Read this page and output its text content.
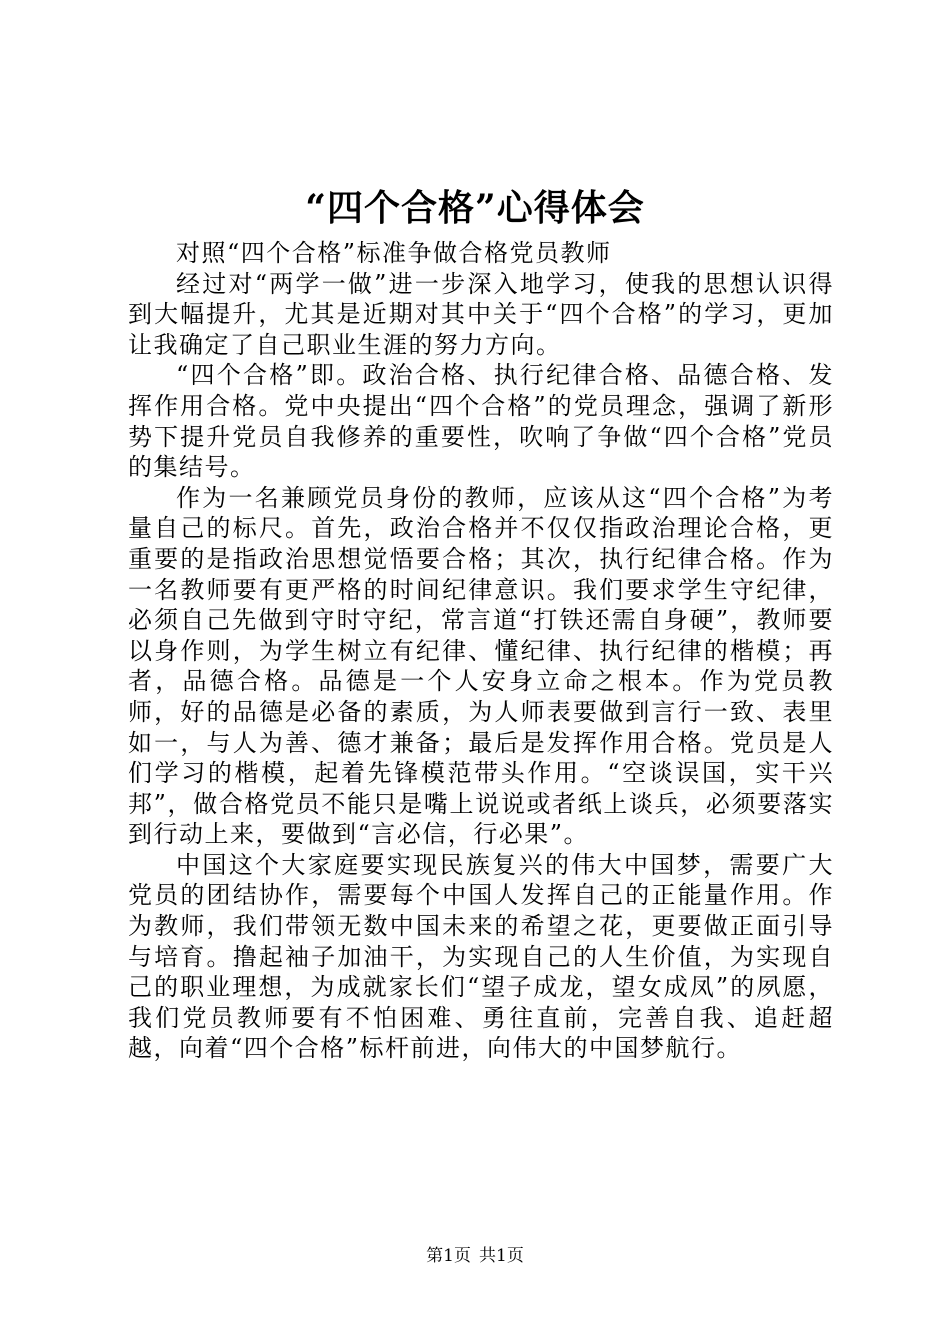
“四个合格”心得体会

对照“四个合格”标准争做合格党员教师

经过对“两学一做”进一步深入地学习，使我的思想认识得到大幅提升，尤其是近期对其中关于“四个合格”的学习，更加让我确定了自己职业生涯的努力方向。

“四个合格”即。政治合格、执行纪律合格、品德合格、发挥作用合格。党中央提出“四个合格”的党员理念，强调了新形势下提升党员自我修养的重要性，吹响了争做“四个合格”党员的集结号。

作为一名兼顾党员身份的教师，应该从这“四个合格”为考量自己的标尺。首先，政治合格并不仅仅指政治理论合格，更重要的是指政治思想觉悟要合格；其次，执行纪律合格。作为一名教师要有更严格的时间纪律意识。我们要求学生守纪律，必须自己先做到守时守纪，常言道“打铁还需自身硬”，教师要以身作则，为学生树立有纪律、懂纪律、执行纪律的楷模；再者，品德合格。品德是一个人安身立命之根本。作为党员教师，好的品德是必备的素质，为人师表要做到言行一致、表里如一，与人为善、德才兼备；最后是发挥作用合格。党员是人们学习的楷模，起着先锋模范带头作用。“空谈误国，实干兴邦”，做合格党员不能只是嘴上说说或者纸上谈兵，必须要落实到行动上来，要做到“言必信，行必果”。

中国这个大家庭要实现民族复兴的伟大中国梦，需要广大党员的团结协作，需要每个中国人发挥自己的正能量作用。作为教师，我们带领无数中国未来的希望之花，更要做正面引导与培育。撸起袖子加油干，为实现自己的人生价值，为实现自己的职业理想，为成就家长们“望子成龙，望女成凤”的夙愿，我们党员教师要有不怕困难、勇往直前，完善自我、追赶超越，向着“四个合格”标杆前进，向伟大的中国梦航行。

第1页 共1页
